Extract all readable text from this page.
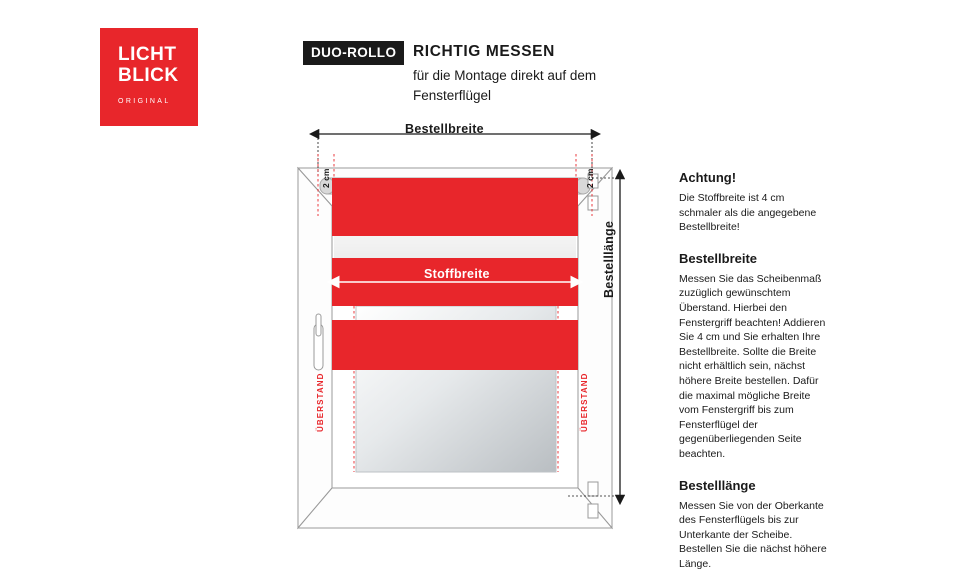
LICHT
BLICK
ORIGINAL
DUO-ROLLO	RICHTIG MESSEN
für die Montage direkt auf dem Fensterflügel
Bestellbreite
Bestelllänge
Stoffbreite
2 cm	2 cm
ÜBERSTAND	ÜBERSTAND
Achtung!

Die Stoffbreite ist 4 cm schmaler als die angegebene Bestellbreite!

Bestellbreite

Messen Sie das Scheibenmaß zuzüglich gewünschtem Überstand. Hierbei den Fenstergriff beachten! Addieren Sie 4 cm und Sie erhalten Ihre Bestellbreite. Sollte die Breite nicht erhältlich sein, nächst höhere Breite bestellen. Dafür die maximal mögliche Breite vom Fenstergriff bis zum Fensterflügel der gegenüberliegenden Seite beachten.

Bestelllänge

Messen Sie von der Oberkante des Fensterflügels bis zur Unterkante der Scheibe. Bestellen Sie die nächst höhere Länge.
